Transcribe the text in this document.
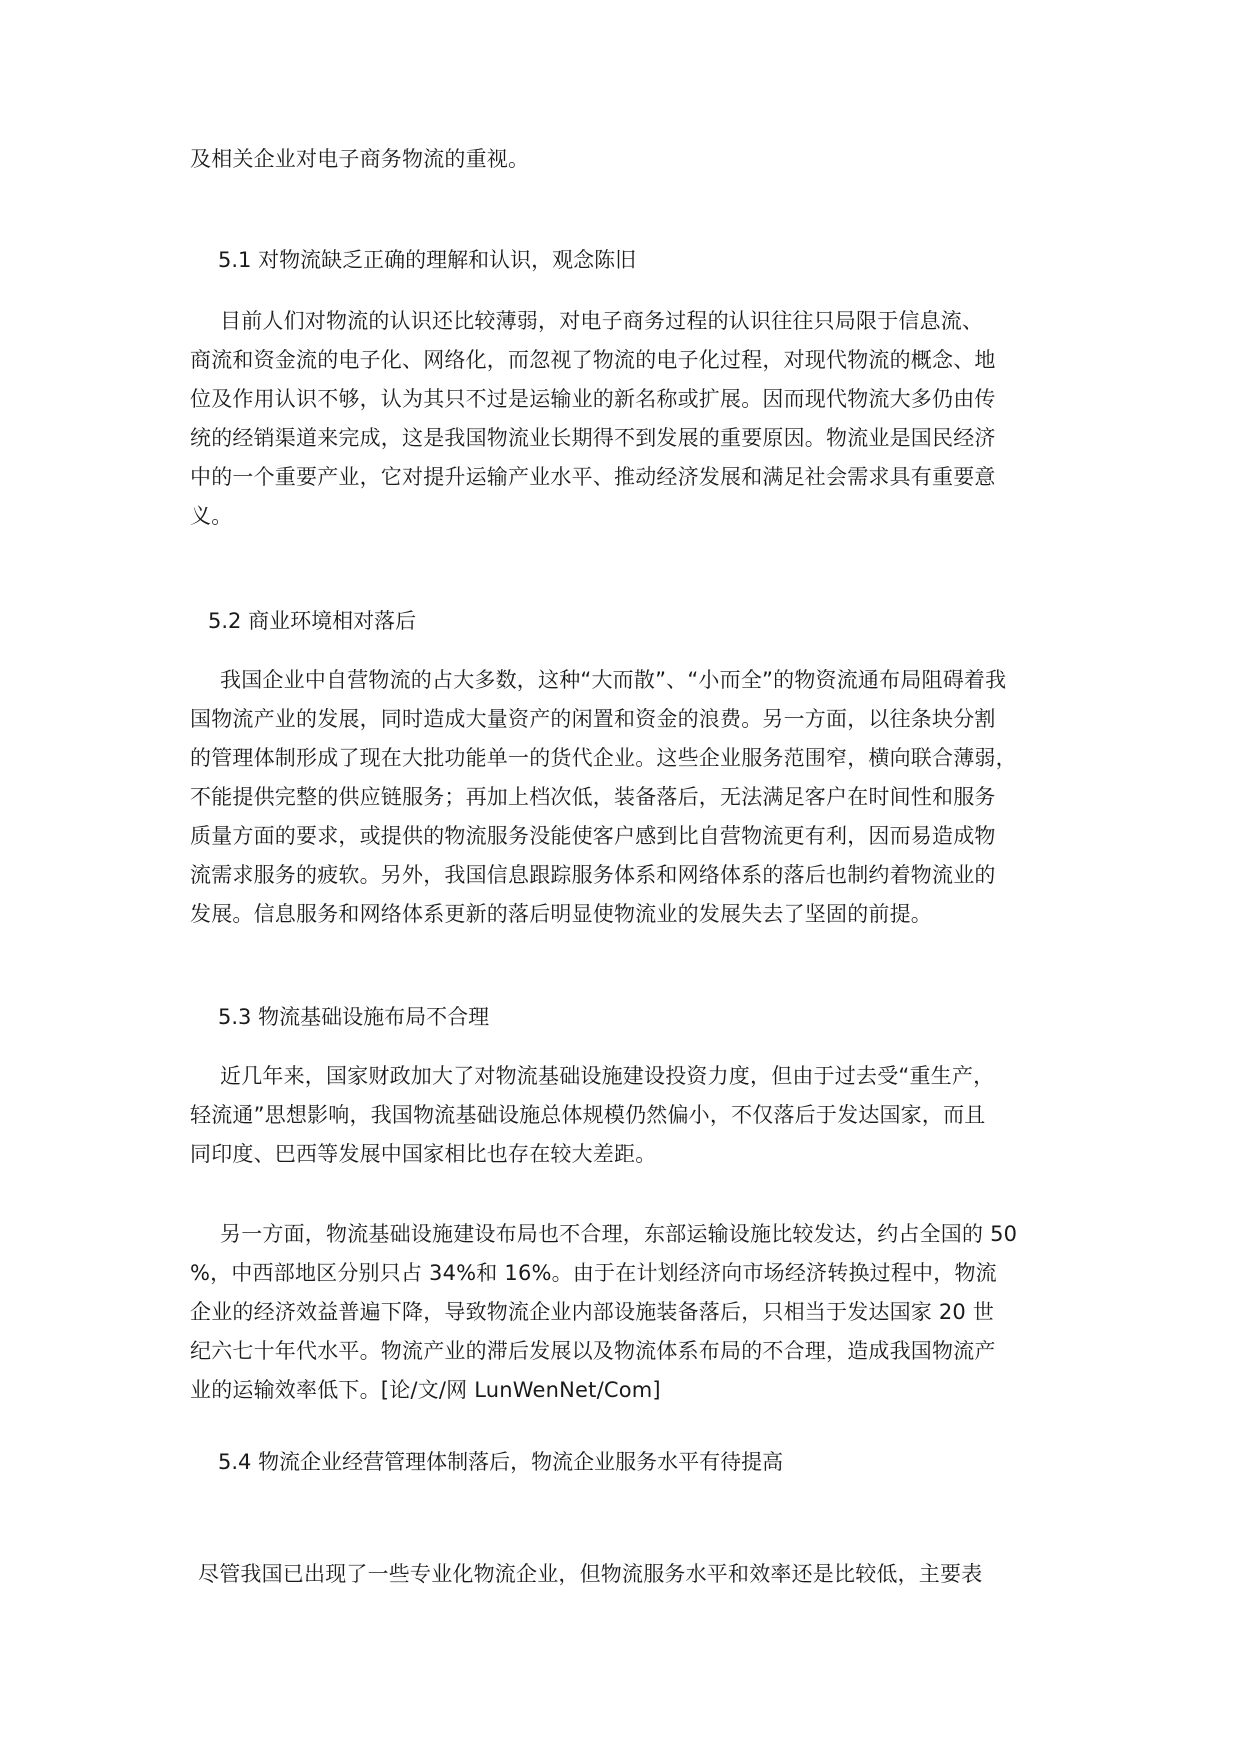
及相关企业对电子商务物流的重视。

5.1 对物流缺乏正确的理解和认识，观念陈旧

目前人们对物流的认识还比较薄弱，对电子商务过程的认识往往只局限于信息流、
商流和资金流的电子化、网络化，而忽视了物流的电子化过程，对现代物流的概念、地
位及作用认识不够，认为其只不过是运输业的新名称或扩展。因而现代物流大多仍由传
统的经销渠道来完成，这是我国物流业长期得不到发展的重要原因。物流业是国民经济
中的一个重要产业，它对提升运输产业水平、推动经济发展和满足社会需求具有重要意
义。

5.2 商业环境相对落后

我国企业中自营物流的占大多数，这种“大而散”、“小而全”的物资流通布局阻碍着我
国物流产业的发展，同时造成大量资产的闲置和资金的浪费。另一方面，以往条块分割
的管理体制形成了现在大批功能单一的货代企业。这些企业服务范围窄，横向联合薄弱，
不能提供完整的供应链服务；再加上档次低，装备落后，无法满足客户在时间性和服务
质量方面的要求，或提供的物流服务没能使客户感到比自营物流更有利，因而易造成物
流需求服务的疲软。另外，我国信息跟踪服务体系和网络体系的落后也制约着物流业的
发展。信息服务和网络体系更新的落后明显使物流业的发展失去了坚固的前提。

5.3 物流基础设施布局不合理

近几年来，国家财政加大了对物流基础设施建设投资力度，但由于过去受“重生产，
轻流通”思想影响，我国物流基础设施总体规模仍然偏小，不仅落后于发达国家，而且
同印度、巴西等发展中国家相比也存在较大差距。

另一方面，物流基础设施建设布局也不合理，东部运输设施比较发达，约占全国的 50
%，中西部地区分别只占 34%和 16%。由于在计划经济向市场经济转换过程中，物流
企业的经济效益普遍下降，导致物流企业内部设施装备落后，只相当于发达国家 20 世
纪六七十年代水平。物流产业的滞后发展以及物流体系布局的不合理，造成我国物流产
业的运输效率低下。[论/文/网 LunWenNet/Com]

5.4 物流企业经营管理体制落后，物流企业服务水平有待提高

尽管我国已出现了一些专业化物流企业，但物流服务水平和效率还是比较低，主要表
